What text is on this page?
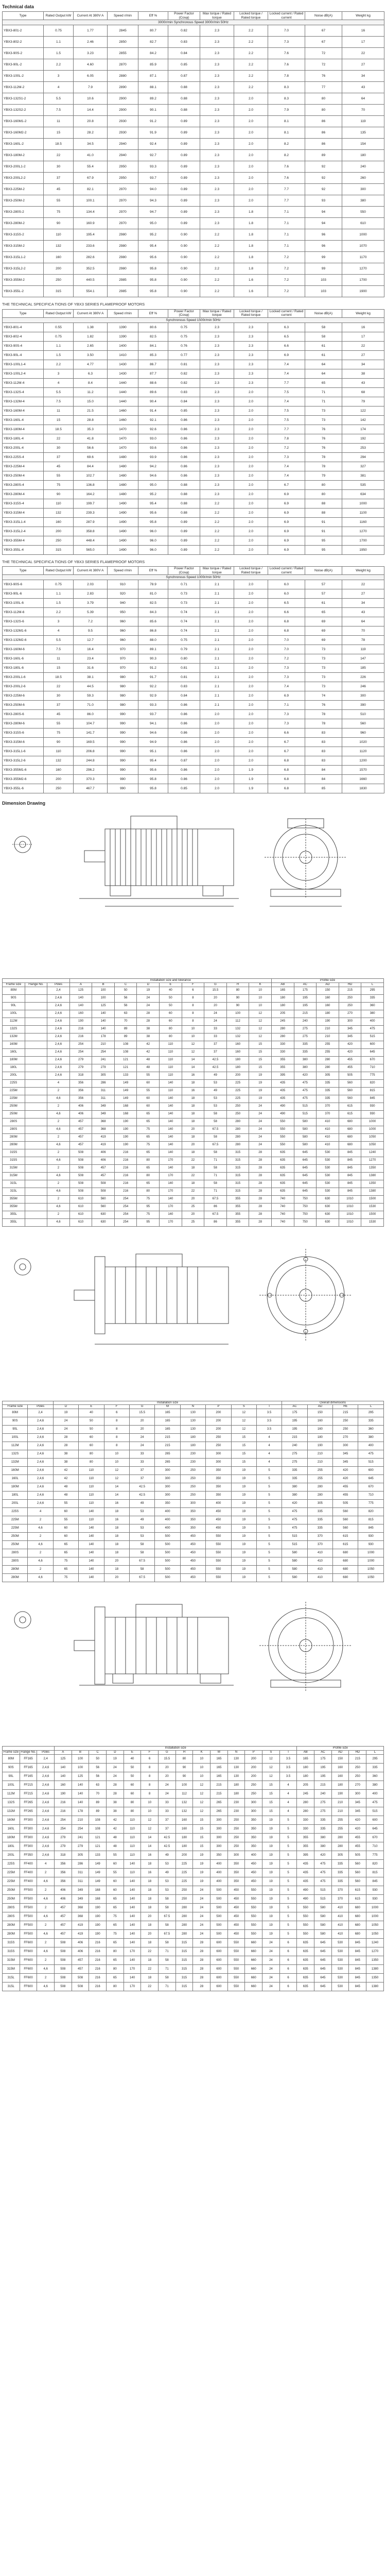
Technical data
Type	Rated Output kW	Current At 380V A	Speed r/min	Eff %	Power Factor (Cosφ)	Max torque / Rated torque	Locked torque / Rated torque	Locked current / Rated current	Noise dB(A)	Weight kg
3000r/min Synchronous Speed 3000r/min 50Hz										
YBX3-801-2	0.75	1.77	2845	80.7	0.82	2.3	2.2	7.0	67	16
YBX3-802-2	1.1	2.46	2850	82.7	0.83	2.3	2.2	7.3	67	17
YBX3-90S-2	1.5	3.23	2855	84.2	0.84	2.3	2.2	7.6	72	22
YBX3-90L-2	2.2	4.60	2870	85.9	0.85	2.3	2.2	7.6	72	27
YBX3-100L-2	3	6.05	2880	87.1	0.87	2.3	2.2	7.8	76	34
YBX3-112M-2	4	7.9	2890	88.1	0.88	2.3	2.2	8.3	77	43
YBX3-132S1-2	5.5	10.6	2900	89.2	0.88	2.3	2.0	8.3	80	64
YBX3-132S2-2	7.5	14.4	2900	90.1	0.88	2.3	2.0	7.9	80	70
YBX3-160M1-2	11	20.8	2930	91.2	0.89	2.3	2.0	8.1	86	119
YBX3-160M2-2	15	28.2	2930	91.9	0.89	2.3	2.0	8.1	86	135
YBX3-160L-2	18.5	34.5	2940	92.4	0.89	2.3	2.0	8.2	86	154
YBX3-180M-2	22	41.0	2940	92.7	0.89	2.3	2.0	8.2	89	180
YBX3-200L1-2	30	55.4	2950	93.3	0.89	2.3	2.0	7.6	92	240
YBX3-200L2-2	37	67.9	2950	93.7	0.89	2.3	2.0	7.6	92	260
YBX3-225M-2	45	82.1	2970	94.0	0.89	2.3	2.0	7.7	92	300
YBX3-250M-2	55	100.1	2970	94.3	0.89	2.3	2.0	7.7	93	380
YBX3-280S-2	75	134.4	2970	94.7	0.89	2.3	1.8	7.1	94	550
YBX3-280M-2	90	160.9	2970	95.0	0.89	2.3	1.8	7.1	94	610
YBX3-315S-2	110	195.4	2980	95.2	0.90	2.2	1.8	7.1	96	1000
YBX3-315M-2	132	233.6	2980	95.4	0.90	2.2	1.8	7.1	96	1070
YBX3-315L1-2	160	282.6	2980	95.6	0.90	2.2	1.8	7.2	99	1170
YBX3-315L2-2	200	352.5	2980	95.8	0.90	2.2	1.8	7.2	99	1270
YBX3-355M-2	250	440.5	2985	95.8	0.90	2.2	1.6	7.2	103	1700
YBX3-355L-2	315	554.1	2985	95.8	0.90	2.2	1.6	7.2	103	1900
THE TECHNICAL SPECIFICA TIONS OF YBX3 SERIES FLAMEPROOF MOTORS
Type	Rated Output kW	Current At 380V A	Speed r/min	Eff %	Power Factor (Cosφ)	Max torque / Rated torque	Locked torque / Rated torque	Locked current / Rated current	Noise dB(A)	Weight kg
Synchronous Speed 1500r/min 50Hz										
YBX3-801-4	0.55	1.38	1390	80.6	0.75	2.3	2.3	6.3	58	16
YBX3-802-4	0.75	1.82	1390	82.5	0.75	2.3	2.3	6.5	58	17
YBX3-90S-4	1.1	2.65	1400	84.1	0.76	2.3	2.3	6.6	61	22
YBX3-90L-4	1.5	3.50	1410	85.3	0.77	2.3	2.3	6.9	61	27
YBX3-100L1-4	2.2	4.77	1430	86.7	0.81	2.3	2.3	7.4	64	34
YBX3-100L2-4	3	6.3	1430	87.7	0.82	2.3	2.3	7.4	64	38
YBX3-112M-4	4	8.4	1440	88.6	0.82	2.3	2.3	7.7	65	43
YBX3-132S-4	5.5	11.2	1440	89.6	0.83	2.3	2.0	7.5	71	68
YBX3-132M-4	7.5	15.0	1440	90.4	0.84	2.3	2.0	7.4	71	79
YBX3-160M-4	11	21.5	1460	91.4	0.85	2.3	2.0	7.5	73	122
YBX3-160L-4	15	28.8	1460	92.1	0.86	2.3	2.0	7.5	73	142
YBX3-180M-4	18.5	35.3	1470	92.6	0.86	2.3	2.0	7.7	76	174
YBX3-180L-4	22	41.8	1470	93.0	0.86	2.3	2.0	7.8	76	192
YBX3-200L-4	30	56.6	1470	93.6	0.86	2.3	2.0	7.2	76	253
YBX3-225S-4	37	69.6	1480	93.9	0.86	2.3	2.0	7.3	78	294
YBX3-225M-4	45	84.4	1480	94.2	0.86	2.3	2.0	7.4	78	327
YBX3-250M-4	55	102.7	1480	94.6	0.86	2.3	2.0	7.4	79	381
YBX3-280S-4	75	136.8	1480	95.0	0.88	2.3	2.0	6.7	80	535
YBX3-280M-4	90	164.2	1480	95.2	0.88	2.3	2.0	6.9	80	634
YBX3-315S-4	110	199.7	1490	95.4	0.88	2.2	2.0	6.9	88	1000
YBX3-315M-4	132	239.3	1490	95.6	0.88	2.2	2.0	6.9	88	1100
YBX3-315L1-4	160	287.9	1490	95.8	0.89	2.2	2.0	6.9	91	1160
YBX3-315L2-4	200	358.8	1490	96.0	0.89	2.2	2.0	6.9	91	1270
YBX3-355M-4	250	448.4	1490	96.0	0.89	2.2	2.0	6.9	95	1700
YBX3-355L-4	315	565.0	1490	96.0	0.89	2.2	2.0	6.9	95	1950
THE TECHNICAL SPECIFICA TIONS OF YBX3 SERIES FLAMEPROOF MOTORS
Type	Rated Output kW	Current At 380V A	Speed r/min	Eff %	Power Factor (Cosφ)	Max torque / Rated torque	Locked torque / Rated torque	Locked current / Rated current	Noise dB(A)	Weight kg
Synchronous Speed 1000r/min 50Hz										
YBX3-90S-6	0.75	2.03	910	78.9	0.71	2.1	2.0	6.0	57	22
YBX3-90L-6	1.1	2.83	920	81.0	0.73	2.1	2.0	6.0	57	27
YBX3-100L-6	1.5	3.79	940	82.5	0.73	2.1	2.0	6.5	61	34
YBX3-112M-6	2.2	5.39	950	84.3	0.74	2.1	2.0	6.6	65	43
YBX3-132S-6	3	7.2	960	85.6	0.74	2.1	2.0	6.8	69	64
YBX3-132M1-6	4	9.5	960	86.8	0.74	2.1	2.0	6.8	69	70
YBX3-132M2-6	5.5	12.7	960	88.0	0.75	2.1	2.0	7.0	69	78
YBX3-160M-6	7.5	16.4	970	89.1	0.79	2.1	2.0	7.0	73	119
YBX3-160L-6	11	23.4	970	90.3	0.80	2.1	2.0	7.2	73	147
YBX3-180L-6	15	31.6	970	91.2	0.81	2.1	2.0	7.3	73	185
YBX3-200L1-6	18.5	38.1	980	91.7	0.81	2.1	2.0	7.3	73	226
YBX3-200L2-6	22	44.5	980	92.2	0.83	2.1	2.0	7.4	73	246
YBX3-225M-6	30	59.3	980	92.9	0.84	2.1	2.0	6.9	74	300
YBX3-250M-6	37	71.0	980	93.3	0.86	2.1	2.0	7.1	76	390
YBX3-280S-6	45	86.0	990	93.7	0.86	2.0	2.0	7.3	78	510
YBX3-280M-6	55	104.7	990	94.1	0.86	2.0	2.0	7.3	78	560
YBX3-315S-6	75	141.7	990	94.6	0.86	2.0	2.0	6.6	83	960
YBX3-315M-6	90	169.5	990	94.9	0.86	2.0	2.0	6.7	83	1020
YBX3-315L1-6	110	206.8	990	95.1	0.86	2.0	2.0	6.7	83	1120
YBX3-315L2-6	132	244.8	990	95.4	0.87	2.0	2.0	6.8	83	1200
YBX3-355M1-6	160	296.2	990	95.6	0.86	2.0	1.9	6.8	84	1570
YBX3-355M2-6	200	370.3	990	95.8	0.86	2.0	1.9	6.8	84	1660
YBX3-355L-6	250	467.7	990	95.8	0.85	2.0	1.9	6.8	85	1830
Dimension Drawing
			Installation size and tolerance									Profile size				
Frame size	Flange No.	Poles	A	B	C	D	E	F	G	H	K	AB	AC	AD	HD	L
80M		2,4	125	100	50	19	40	6	15.5	80	10	165	175	150	215	295
90S		2,4,6	140	100	56	24	50	8	20	90	10	180	195	160	250	335
90L		2,4,6	140	125	56	24	50	8	20	90	10	180	195	160	250	360
100L		2,4,6	160	140	63	28	60	8	24	100	12	205	215	180	270	380
112M		2,4,6	190	140	70	28	60	8	24	112	12	245	240	190	300	400
132S		2,4,6	216	140	89	38	80	10	33	132	12	280	275	210	345	475
132M		2,4,6	216	178	89	38	80	10	33	132	12	280	275	210	345	515
160M		2,4,6	254	210	108	42	110	12	37	160	15	330	335	255	420	600
160L		2,4,6	254	254	108	42	110	12	37	160	15	330	335	255	420	645
180M		2,4,6	279	241	121	48	110	14	42.5	180	15	355	380	280	455	670
180L		2,4,6	279	279	121	48	110	14	42.5	180	15	355	380	280	455	710
200L		2,4,6	318	305	133	55	110	16	49	200	19	395	420	305	505	775
225S		4	356	286	149	60	140	18	53	225	19	435	475	335	560	820
225M		2	356	311	149	55	110	16	49	225	19	435	475	335	560	815
225M		4,6	356	311	149	60	140	18	53	225	19	435	475	335	560	845
250M		2	406	349	168	60	140	18	53	250	24	490	515	370	615	930
250M		4,6	406	349	168	65	140	18	58	250	24	490	515	370	615	930
280S		2	457	368	190	65	140	18	58	280	24	550	580	410	680	1000
280S		4,6	457	368	190	75	140	20	67.5	280	24	550	580	410	680	1000
280M		2	457	419	190	65	140	18	58	280	24	550	580	410	680	1050
280M		4,6	457	419	190	75	140	20	67.5	280	24	550	580	410	680	1050
315S		2	508	406	216	65	140	18	58	315	28	635	645	530	845	1240
315S		4,6	508	406	216	80	170	22	71	315	28	635	645	530	845	1270
315M		2	508	457	216	65	140	18	58	315	28	635	645	530	845	1350
315M		4,6	508	457	216	80	170	22	71	315	28	635	645	530	845	1380
315L		2	508	508	216	65	140	18	58	315	28	635	645	530	845	1350
315L		4,6	508	508	216	80	170	22	71	315	28	635	645	530	845	1380
355M		2	610	560	254	75	140	20	67.5	355	28	740	750	630	1010	1500
355M		4,6	610	560	254	95	170	25	86	355	28	740	750	630	1010	1530
355L		2	610	630	254	75	140	20	67.5	355	28	740	750	630	1010	1500
355L		4,6	610	630	254	95	170	25	86	355	28	740	750	630	1010	1530
		Installation size									Overall dimensions			
Frame size	Poles	D	E	F	G	M	N	P	S	T	AC	AD	HE	L
80M	2,4	19	40	6	15.5	165	130	200	12	3.5	175	150	215	295
90S	2,4,6	24	50	8	20	165	130	200	12	3.5	195	160	250	335
90L	2,4,6	24	50	8	20	165	130	200	12	3.5	195	160	250	360
100L	2,4,6	28	60	8	24	215	180	250	15	4	215	180	270	380
112M	2,4,6	28	60	8	24	215	180	250	15	4	240	190	300	400
132S	2,4,6	38	80	10	33	265	230	300	15	4	275	210	345	475
132M	2,4,6	38	80	10	33	265	230	300	15	4	275	210	345	515
160M	2,4,6	42	110	12	37	300	250	350	19	5	335	255	420	600
160L	2,4,6	42	110	12	37	300	250	350	19	5	335	255	420	645
180M	2,4,6	48	110	14	42.5	300	250	350	19	5	380	280	455	670
180L	2,4,6	48	110	14	42.5	300	250	350	19	5	380	280	455	710
200L	2,4,6	55	110	16	49	350	300	400	19	5	420	305	505	775
225S	4	60	140	18	53	400	350	450	19	5	475	335	560	820
225M	2	55	110	16	49	400	350	450	19	5	475	335	560	815
225M	4,6	60	140	18	53	400	350	450	19	5	475	335	560	845
250M	2	60	140	18	53	500	450	550	19	5	515	370	615	930
250M	4,6	65	140	18	58	500	450	550	19	5	515	370	615	930
280S	2	65	140	18	58	500	450	550	19	5	580	410	680	1000
280S	4,6	75	140	20	67.5	500	450	550	19	5	580	410	680	1000
280M	2	65	140	18	58	500	450	550	19	5	580	410	680	1050
280M	4,6	75	140	20	67.5	500	450	550	19	5	580	410	680	1050
			Installation size														Profile size				
Frame size	Flange No.	Poles	A	B	C	D	E	F	G	H	K	M	N	P	S	T	AB	AC	AD	HD	L
80M	FF165	2,4	125	100	50	19	40	6	15.5	80	10	165	130	200	12	3.5	165	175	150	215	295
90S	FF165	2,4,6	140	100	56	24	50	8	20	90	10	165	130	200	12	3.5	180	195	160	250	335
90L	FF165	2,4,6	140	125	56	24	50	8	20	90	10	165	130	200	12	3.5	180	195	160	250	360
100L	FF215	2,4,6	160	140	63	28	60	8	24	100	12	215	180	250	15	4	205	215	180	270	380
112M	FF215	2,4,6	190	140	70	28	60	8	24	112	12	215	180	250	15	4	245	240	190	300	400
132S	FF265	2,4,6	216	140	89	38	80	10	33	132	12	265	230	300	15	4	280	275	210	345	475
132M	FF265	2,4,6	216	178	89	38	80	10	33	132	12	265	230	300	15	4	280	275	210	345	515
160M	FF300	2,4,6	254	210	108	42	110	12	37	160	15	300	250	350	19	5	330	335	255	420	600
160L	FF300	2,4,6	254	254	108	42	110	12	37	160	15	300	250	350	19	5	330	335	255	420	645
180M	FF300	2,4,6	279	241	121	48	110	14	42.5	180	15	300	250	350	19	5	355	380	280	455	670
180L	FF300	2,4,6	279	279	121	48	110	14	42.5	180	15	300	250	350	19	5	355	380	280	455	710
200L	FF350	2,4,6	318	305	133	55	110	16	49	200	19	350	300	400	19	5	395	420	305	505	775
225S	FF400	4	356	286	149	60	140	18	53	225	19	400	350	450	19	5	435	475	335	560	820
225M	FF400	2	356	311	149	55	110	16	49	225	19	400	350	450	19	5	435	475	335	560	815
225M	FF400	4,6	356	311	149	60	140	18	53	225	19	400	350	450	19	5	435	475	335	560	845
250M	FF500	2	406	349	168	60	140	18	53	250	24	500	450	550	19	5	490	515	370	615	930
250M	FF500	4,6	406	349	168	65	140	18	58	250	24	500	450	550	19	5	490	515	370	615	930
280S	FF500	2	457	368	190	65	140	18	58	280	24	500	450	550	19	5	550	580	410	680	1000
280S	FF500	4,6	457	368	190	75	140	20	67.5	280	24	500	450	550	19	5	550	580	410	680	1000
280M	FF500	2	457	419	190	65	140	18	58	280	24	500	450	550	19	5	550	580	410	680	1050
280M	FF500	4,6	457	419	190	75	140	20	67.5	280	24	500	450	550	19	5	550	580	410	680	1050
315S	FF600	2	508	406	216	65	140	18	58	315	28	600	550	660	24	6	635	645	530	845	1240
315S	FF600	4,6	508	406	216	80	170	22	71	315	28	600	550	660	24	6	635	645	530	845	1270
315M	FF600	2	508	457	216	65	140	18	58	315	28	600	550	660	24	6	635	645	530	845	1350
315M	FF600	4,6	508	457	216	80	170	22	71	315	28	600	550	660	24	6	635	645	530	845	1380
315L	FF600	2	508	508	216	65	140	18	58	315	28	600	550	660	24	6	635	645	530	845	1350
315L	FF600	4,6	508	508	216	80	170	22	71	315	28	600	550	660	24	6	635	645	530	845	1380
